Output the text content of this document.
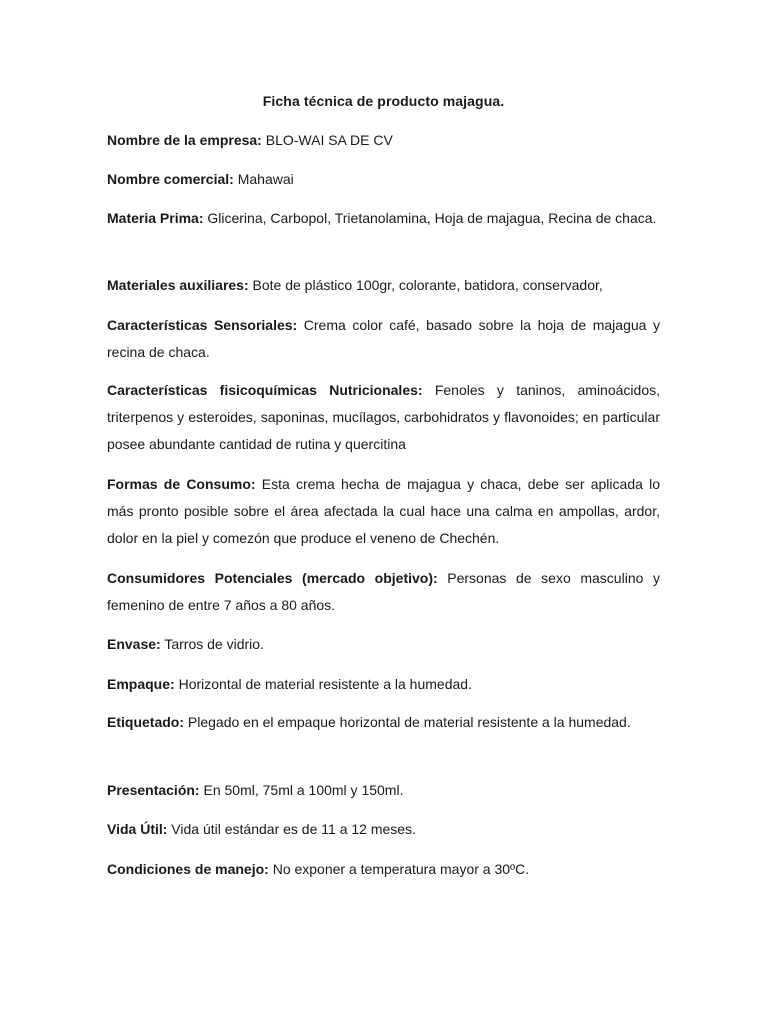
Ficha técnica de producto majagua.

Nombre de la empresa: BLO-WAI SA DE CV

Nombre comercial: Mahawai

Materia Prima: Glicerina, Carbopol, Trietanolamina, Hoja de majagua, Recina de chaca.

Materiales auxiliares: Bote de plástico 100gr, colorante, batidora, conservador,

Características Sensoriales: Crema color café, basado sobre la hoja de majagua y recina de chaca.

Características fisicoquímicas Nutricionales: Fenoles y taninos, aminoácidos, triterpenos y esteroides, saponinas, mucílagos, carbohidratos y flavonoides; en particular posee abundante cantidad de rutina y quercitina

Formas de Consumo: Esta crema hecha de majagua y chaca, debe ser aplicada lo más pronto posible sobre el área afectada la cual hace una calma en ampollas, ardor, dolor en la piel y comezón que produce el veneno de Chechén.

Consumidores Potenciales (mercado objetivo): Personas de sexo masculino y femenino de entre 7 años a 80 años.

Envase: Tarros de vidrio.

Empaque: Horizontal de material resistente a la humedad.

Etiquetado: Plegado en el empaque horizontal de material resistente a la humedad.

Presentación: En 50ml, 75ml a 100ml y 150ml.

Vida Útil: Vida útil estándar es de 11 a 12 meses.

Condiciones de manejo: No exponer a temperatura mayor a 30ºC.
